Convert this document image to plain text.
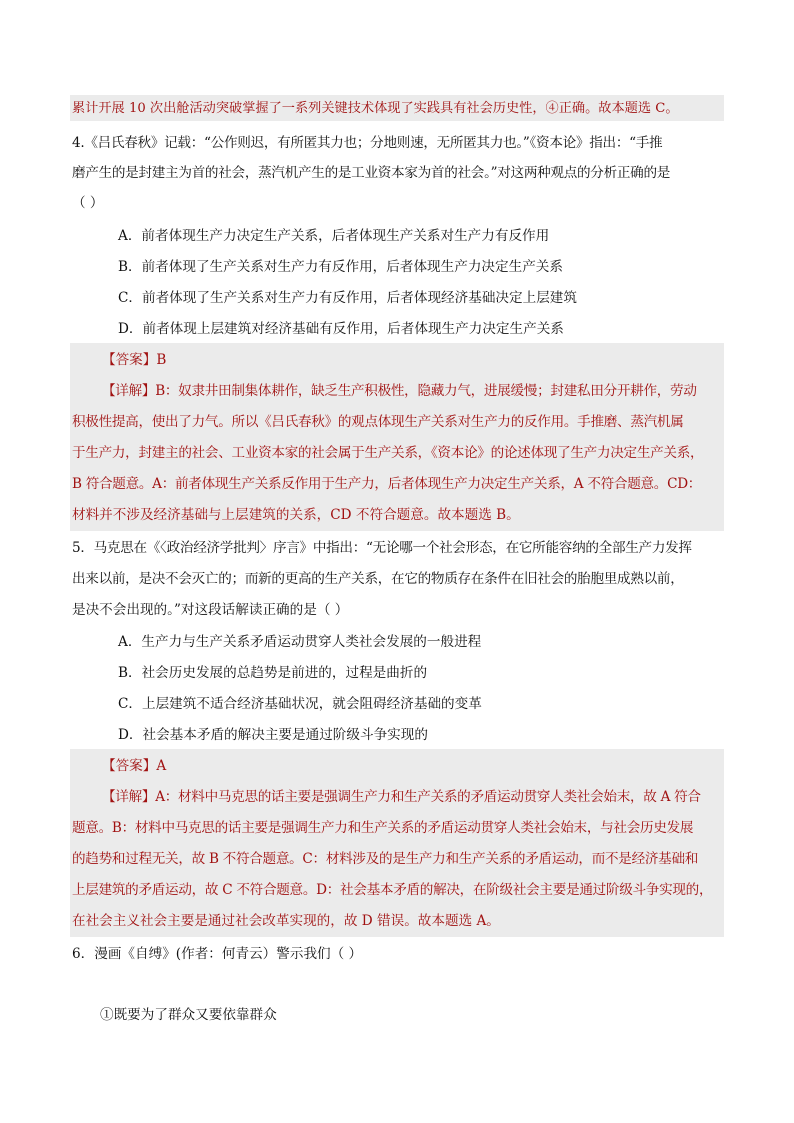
累计开展 10 次出舱活动突破掌握了一系列关键技术体现了实践具有社会历史性，④正确。故本题选 C。
4.《吕氏春秋》记载：“公作则迟，有所匿其力也；分地则速，无所匿其力也。”《资本论》指出：“手推
磨产生的是封建主为首的社会，蒸汽机产生的是工业资本家为首的社会。”对这两种观点的分析正确的是
（ ）
A．前者体现生产力决定生产关系，后者体现生产关系对生产力有反作用
B．前者体现了生产关系对生产力有反作用，后者体现生产力决定生产关系
C．前者体现了生产关系对生产力有反作用，后者体现经济基础决定上层建筑
D．前者体现上层建筑对经济基础有反作用，后者体现生产力决定生产关系
【答案】B
【详解】B：奴隶井田制集体耕作，缺乏生产积极性，隐藏力气，进展缓慢；封建私田分开耕作，劳动
积极性提高，使出了力气。所以《吕氏春秋》的观点体现生产关系对生产力的反作用。手推磨、蒸汽机属
于生产力，封建主的社会、工业资本家的社会属于生产关系，《资本论》的论述体现了生产力决定生产关系，
B 符合题意。A：前者体现生产关系反作用于生产力，后者体现生产力决定生产关系，A 不符合题意。CD：
材料并不涉及经济基础与上层建筑的关系，CD 不符合题意。故本题选 B。
5．马克思在《〈政治经济学批判〉序言》中指出：“无论哪一个社会形态，在它所能容纳的全部生产力发挥
出来以前，是决不会灭亡的；而新的更高的生产关系，在它的物质存在条件在旧社会的胎胞里成熟以前，
是决不会出现的。”对这段话解读正确的是（ ）
A．生产力与生产关系矛盾运动贯穿人类社会发展的一般进程
B．社会历史发展的总趋势是前进的，过程是曲折的
C．上层建筑不适合经济基础状况，就会阻碍经济基础的变革
D．社会基本矛盾的解决主要是通过阶级斗争实现的
【答案】A
【详解】A：材料中马克思的话主要是强调生产力和生产关系的矛盾运动贯穿人类社会始末，故 A 符合
题意。B：材料中马克思的话主要是强调生产力和生产关系的矛盾运动贯穿人类社会始末，与社会历史发展
的趋势和过程无关，故 B 不符合题意。C：材料涉及的是生产力和生产关系的矛盾运动，而不是经济基础和
上层建筑的矛盾运动，故 C 不符合题意。D：社会基本矛盾的解决，在阶级社会主要是通过阶级斗争实现的，
在社会主义社会主要是通过社会改革实现的，故 D 错误。故本题选 A。
6．漫画《自缚》(作者：何青云）警示我们（ ）
①既要为了群众又要依靠群众
